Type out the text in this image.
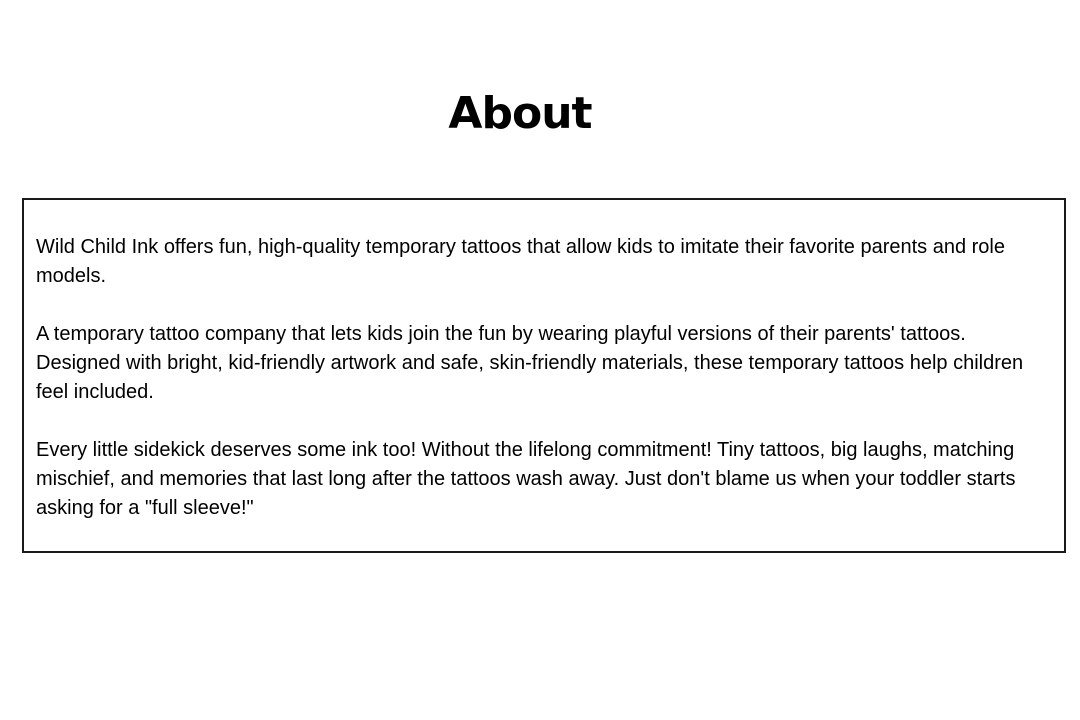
About

Wild Child Ink offers fun, high-quality temporary tattoos that allow kids to imitate their favorite parents and role models.

A temporary tattoo company that lets kids join the fun by wearing playful versions of their parents' tattoos. Designed with bright, kid-friendly artwork and safe, skin-friendly materials, these temporary tattoos help children feel included.

Every little sidekick deserves some ink too! Without the lifelong commitment! Tiny tattoos, big laughs, matching mischief, and memories that last long after the tattoos wash away. Just don't blame us when your toddler starts asking for a "full sleeve!"
